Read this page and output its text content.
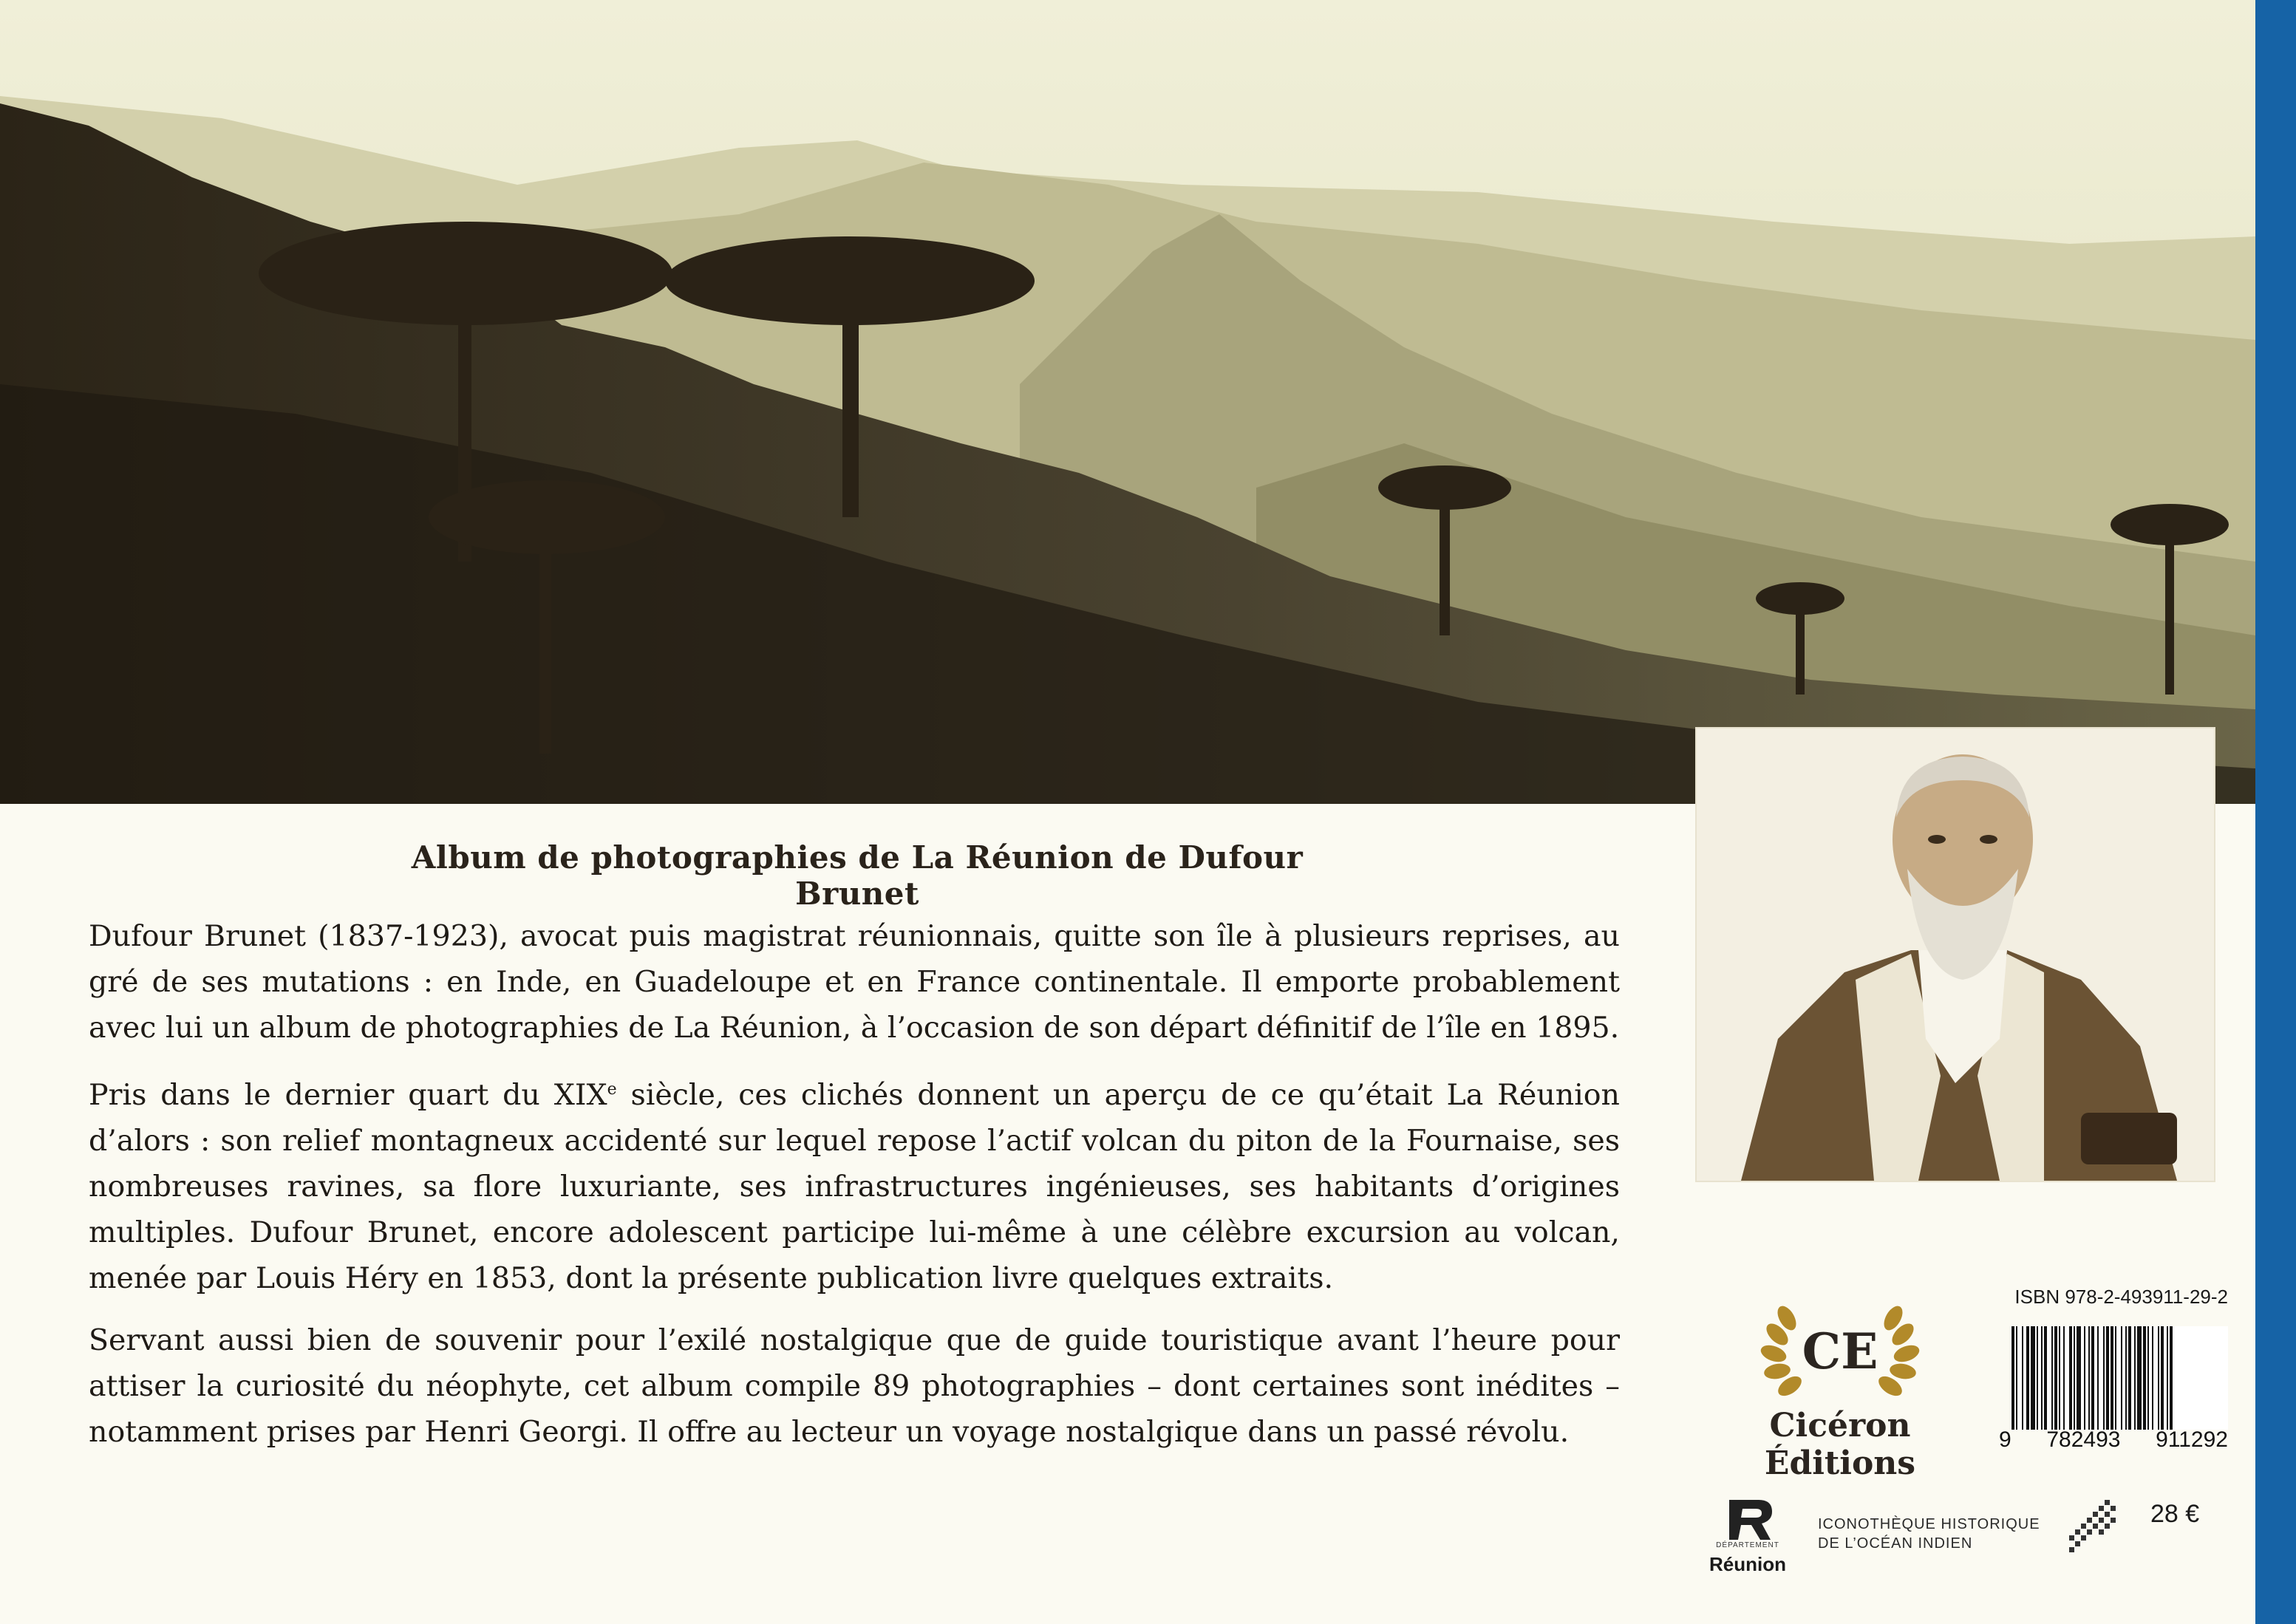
Album de photographies de La Réunion de Dufour Brunet

Dufour Brunet (1837-1923), avocat puis magistrat réunionnais, quitte son île à plusieurs reprises, au gré de ses mutations : en Inde, en Guadeloupe et en France continentale. Il emporte probablement avec lui un album de photographies de La Réunion, à l’occasion de son départ définitif de l’île en 1895.

Pris dans le dernier quart du XIXe siècle, ces clichés donnent un aperçu de ce qu’était La Réunion d’alors : son relief montagneux accidenté sur lequel repose l’actif volcan du piton de la Fournaise, ses nombreuses ravines, sa flore luxuriante, ses infrastructures ingénieuses, ses habitants d’origines multiples. Dufour Brunet, encore adolescent participe lui-même à une célèbre excursion au volcan, menée par Louis Héry en 1853, dont la présente publication livre quelques extraits.

Servant aussi bien de souvenir pour l’exilé nostalgique que de guide touristique avant l’heure pour attiser la curiosité du néophyte, cet album compile 89 photographies – dont certaines sont inédites – notamment prises par Henri Georgi. Il offre au lecteur un voyage nostalgique dans un passé révolu.

CE
Cicéron Éditions
ISBN 978-2-493911-29-2
9 782493 911292
DÉPARTEMENT
Réunion
ICONOTHÈQUE HISTORIQUE
DE L’OCÉAN INDIEN
28 €
